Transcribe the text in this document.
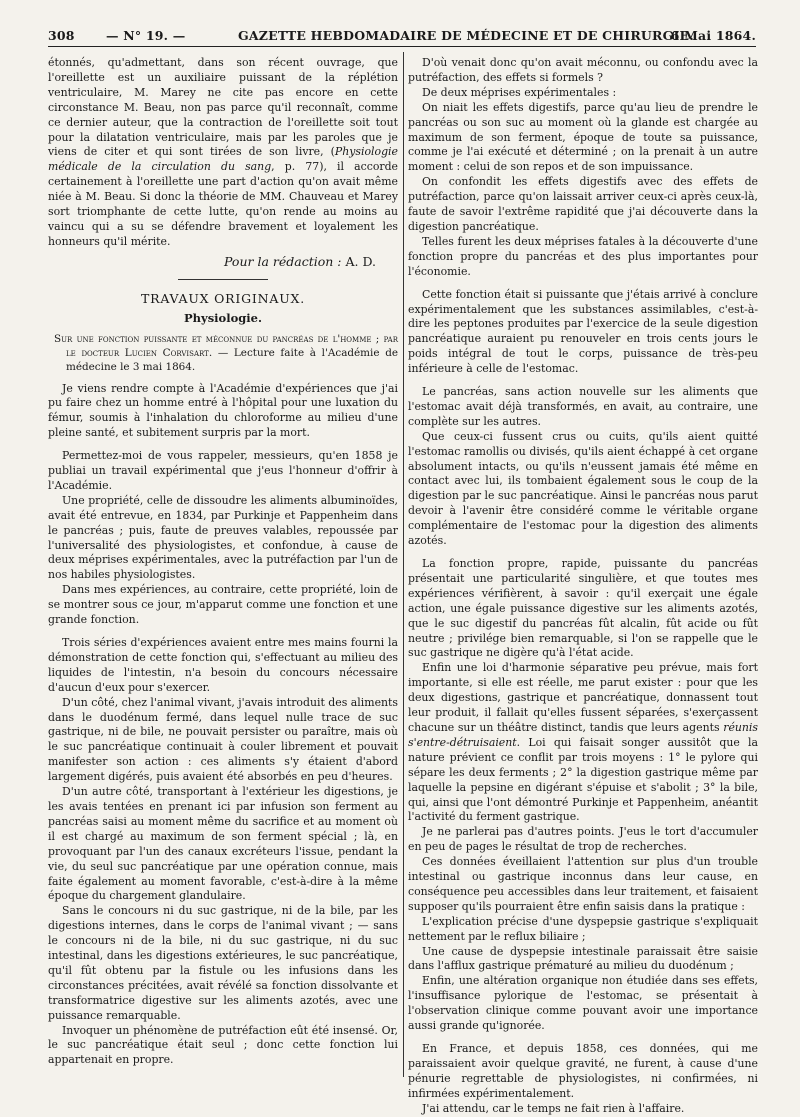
308	— N° 19. —	GAZETTE HEBDOMADAIRE DE MÉDECINE ET DE CHIRURGIE.
6 Mai 1864.

étonnés, qu'admettant, dans son récent ouvrage, que l'oreillette est un auxiliaire puissant de la réplétion ventriculaire, M. Marey ne cite pas encore en cette circonstance M. Beau, non pas parce qu'il reconnaît, comme ce dernier auteur, que la contraction de l'oreillette soit tout pour la dilatation ventriculaire, mais par les paroles que je viens de citer et qui sont tirées de son livre, (Physiologie médicale de la circulation du sang, p. 77), il accorde certainement à l'oreillette une part d'action qu'on avait même niée à M. Beau. Si donc la théorie de MM. Chauveau et Marey sort triomphante de cette lutte, qu'on rende au moins au vaincu qui a su se défendre bravement et loyalement les honneurs qu'il mérite.

Pour la rédaction : A. D.

TRAVAUX ORIGINAUX.

Physiologie.

Sur une fonction puissante et méconnue du pancréas de l'homme ; par le docteur Lucien Corvisart. — Lecture faite à l'Académie de médecine le 3 mai 1864.

Je viens rendre compte à l'Académie d'expériences que j'ai pu faire chez un homme entré à l'hôpital pour une luxation du fémur, soumis à l'inhalation du chloroforme au milieu d'une pleine santé, et subitement surpris par la mort.

Permettez-moi de vous rappeler, messieurs, qu'en 1858 je publiai un travail expérimental que j'eus l'honneur d'offrir à l'Académie.

Une propriété, celle de dissoudre les aliments albuminoïdes, avait été entrevue, en 1834, par Purkinje et Pappenheim dans le pancréas ; puis, faute de preuves valables, repoussée par l'universalité des physiologistes, et confondue, à cause de deux méprises expérimentales, avec la putréfaction par l'un de nos habiles physiologistes.

Dans mes expériences, au contraire, cette propriété, loin de se montrer sous ce jour, m'apparut comme une fonction et une grande fonction.

Trois séries d'expériences avaient entre mes mains fourni la démonstration de cette fonction qui, s'effectuant au milieu des liquides de l'intestin, n'a besoin du concours nécessaire d'aucun d'eux pour s'exercer.

D'un côté, chez l'animal vivant, j'avais introduit des aliments dans le duodénum fermé, dans lequel nulle trace de suc gastrique, ni de bile, ne pouvait persister ou paraître, mais où le suc pancréatique continuait à couler librement et pouvait manifester son action : ces aliments s'y étaient d'abord largement digérés, puis avaient été absorbés en peu d'heures.

D'un autre côté, transportant à l'extérieur les digestions, je les avais tentées en prenant ici par infusion son ferment au pancréas saisi au moment même du sacrifice et au moment où il est chargé au maximum de son ferment spécial ; là, en provoquant par l'un des canaux excréteurs l'issue, pendant la vie, du seul suc pancréatique par une opération connue, mais faite également au moment favorable, c'est-à-dire à la même époque du chargement glandulaire.

Sans le concours ni du suc gastrique, ni de la bile, par les digestions internes, dans le corps de l'animal vivant ; — sans le concours ni de la bile, ni du suc gastrique, ni du suc intestinal, dans les digestions extérieures, le suc pancréatique, qu'il fût obtenu par la fistule ou les infusions dans les circonstances précitées, avait révélé sa fonction dissolvante et transformatrice digestive sur les aliments azotés, avec une puissance remarquable.

Invoquer un phénomène de putréfaction eût été insensé. Or, le suc pancréatique était seul ; donc cette fonction lui appartenait en propre.

D'où venait donc qu'on avait méconnu, ou confondu avec la putréfaction, des effets si formels ?

De deux méprises expérimentales :

On niait les effets digestifs, parce qu'au lieu de prendre le pancréas ou son suc au moment où la glande est chargée au maximum de son ferment, époque de toute sa puissance, comme je l'ai exécuté et déterminé ; on la prenait à un autre moment : celui de son repos et de son impuissance.

On confondit les effets digestifs avec des effets de putréfaction, parce qu'on laissait arriver ceux-ci après ceux-là, faute de savoir l'extrême rapidité que j'ai découverte dans la digestion pancréatique.

Telles furent les deux méprises fatales à la découverte d'une fonction propre du pancréas et des plus importantes pour l'économie.

Cette fonction était si puissante que j'étais arrivé à conclure expérimentalement que les substances assimilables, c'est-à-dire les peptones produites par l'exercice de la seule digestion pancréatique auraient pu renouveler en trois cents jours le poids intégral de tout le corps, puissance de très-peu inférieure à celle de l'estomac.

Le pancréas, sans action nouvelle sur les aliments que l'estomac avait déjà transformés, en avait, au contraire, une complète sur les autres.

Que ceux-ci fussent crus ou cuits, qu'ils aient quitté l'estomac ramollis ou divisés, qu'ils aient échappé à cet organe absolument intacts, ou qu'ils n'eussent jamais été même en contact avec lui, ils tombaient également sous le coup de la digestion par le suc pancréatique. Ainsi le pancréas nous parut devoir à l'avenir être considéré comme le véritable organe complémentaire de l'estomac pour la digestion des aliments azotés.

La fonction propre, rapide, puissante du pancréas présentait une particularité singulière, et que toutes mes expériences vérifièrent, à savoir : qu'il exerçait une égale action, une égale puissance digestive sur les aliments azotés, que le suc digestif du pancréas fût alcalin, fût acide ou fût neutre ; privilége bien remarquable, si l'on se rappelle que le suc gastrique ne digère qu'à l'état acide.

Enfin une loi d'harmonie séparative peu prévue, mais fort importante, si elle est réelle, me parut exister : pour que les deux digestions, gastrique et pancréatique, donnassent tout leur produit, il fallait qu'elles fussent séparées, s'exerçassent chacune sur un théâtre distinct, tandis que leurs agents réunis s'entre-détruisaient. Loi qui faisait songer aussitôt que la nature prévient ce conflit par trois moyens : 1° le pylore qui sépare les deux ferments ; 2° la digestion gastrique même par laquelle la pepsine en digérant s'épuise et s'abolit ; 3° la bile, qui, ainsi que l'ont démontré Purkinje et Pappenheim, anéantit l'activité du ferment gastrique.

Je ne parlerai pas d'autres points. J'eus le tort d'accumuler en peu de pages le résultat de trop de recherches.

Ces données éveillaient l'attention sur plus d'un trouble intestinal ou gastrique inconnus dans leur cause, en conséquence peu accessibles dans leur traitement, et faisaient supposer qu'ils pourraient être enfin saisis dans la pratique :

L'explication précise d'une dyspepsie gastrique s'expliquait nettement par le reflux biliaire ;

Une cause de dyspepsie intestinale paraissait être saisie dans l'afflux gastrique prématuré au milieu du duodénum ;

Enfin, une altération organique non étudiée dans ses effets, l'insuffisance pylorique de l'estomac, se présentait à l'observation clinique comme pouvant avoir une importance aussi grande qu'ignorée.

En France, et depuis 1858, ces données, qui me paraissaient avoir quelque gravité, ne furent, à cause d'une pénurie regrettable de physiologistes, ni confirmées, ni infirmées expérimentalement.

J'ai attendu, car le temps ne fait rien à l'affaire.
